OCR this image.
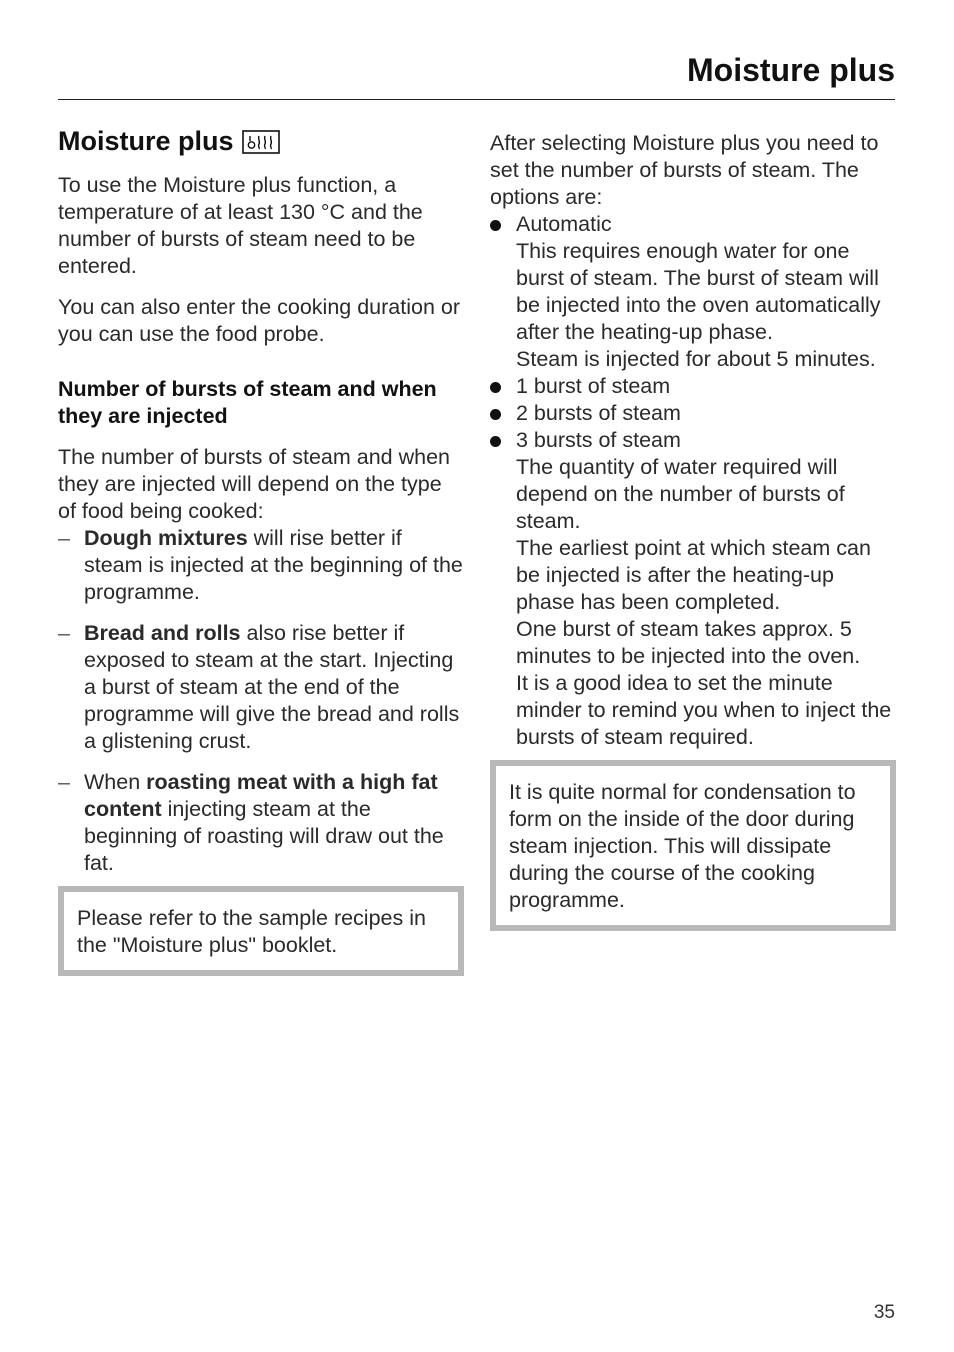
Moisture plus
Moisture plus

To use the Moisture plus function, a temperature of at least 130 °C and the number of bursts of steam need to be entered.

You can also enter the cooking duration or you can use the food probe.

Number of bursts of steam and when they are injected

The number of bursts of steam and when they are injected will depend on the type of food being cooked:

– Dough mixtures will rise better if steam is injected at the beginning of the programme.
– Bread and rolls also rise better if exposed to steam at the start. Injecting a burst of steam at the end of the programme will give the bread and rolls a glistening crust.
– When roasting meat with a high fat content injecting steam at the beginning of roasting will draw out the fat.
Please refer to the sample recipes in the "Moisture plus" booklet.

After selecting Moisture plus you need to set the number of bursts of steam. The options are:

Automatic
This requires enough water for one burst of steam. The burst of steam will be injected into the oven automatically after the heating-up phase.
Steam is injected for about 5 minutes.
1 burst of steam
2 bursts of steam
3 bursts of steam
The quantity of water required will depend on the number of bursts of steam.
The earliest point at which steam can be injected is after the heating-up phase has been completed.
One burst of steam takes approx. 5 minutes to be injected into the oven.
It is a good idea to set the minute minder to remind you when to inject the bursts of steam required.
It is quite normal for condensation to form on the inside of the door during steam injection. This will dissipate during the course of the cooking programme.
35
